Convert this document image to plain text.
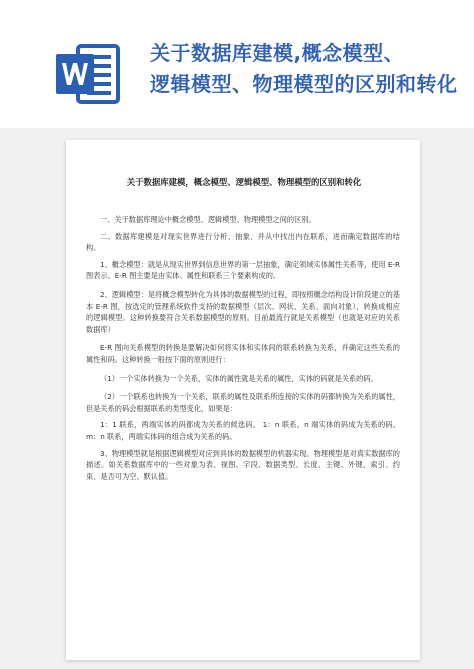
关于数据库建模,概念模型、
逻辑模型、物理模型的区别和转化
关于数据库建模，概念模型、逻辑模型、物理模型的区别和转化

一、关于数据库理论中概念模型、逻辑模型、物理模型之间的区别。

二、数据库建模是对现实世界进行分析、抽象、并从中找出内在联系，进而确定数据库的结构。

1、概念模型：就是从现实世界到信息世界的第一层抽象，确定领域实体属性关系等，使用 E-R 图表示。E-R 图主要是由实体、属性和联系三个要素构成的。

2、逻辑模型：是将概念模型转化为具体的数据模型的过程，即按照概念结构设计阶段建立的基本 E-R 图，按选定的管理系统软件支持的数据模型（层次、网状、关系、面向对象），转换成相应的逻辑模型。这种转换要符合关系数据模型的原则。目前最流行就是关系模型（也就是对应的关系数据库）

E-R 图向关系模型的转换是要解决如何将实体和实体间的联系转换为关系，并确定这些关系的属性和码。这种转换一般按下面的原则进行：

（1）一个实体转换为一个关系，实体的属性就是关系的属性，实体的码就是关系的码。

（2）一个联系也转换为一个关系，联系的属性及联系所连接的实体的码都转换为关系的属性，但是关系的码会根据联系的类型变化，如果是：

1：1 联系，两端实体的码都成为关系的候选码。 1：n 联系，n 端实体的码成为关系的码。 m：n 联系，两端实体码的组合成为关系的码。

3、物理模型就是根据逻辑模型对应到具体的数据模型的机器实现。物理模型是对真实数据库的描述。如关系数据库中的一些对象为表、视图、字段、数据类型、长度、主键、外键、索引、约束、是否可为空、默认值。
